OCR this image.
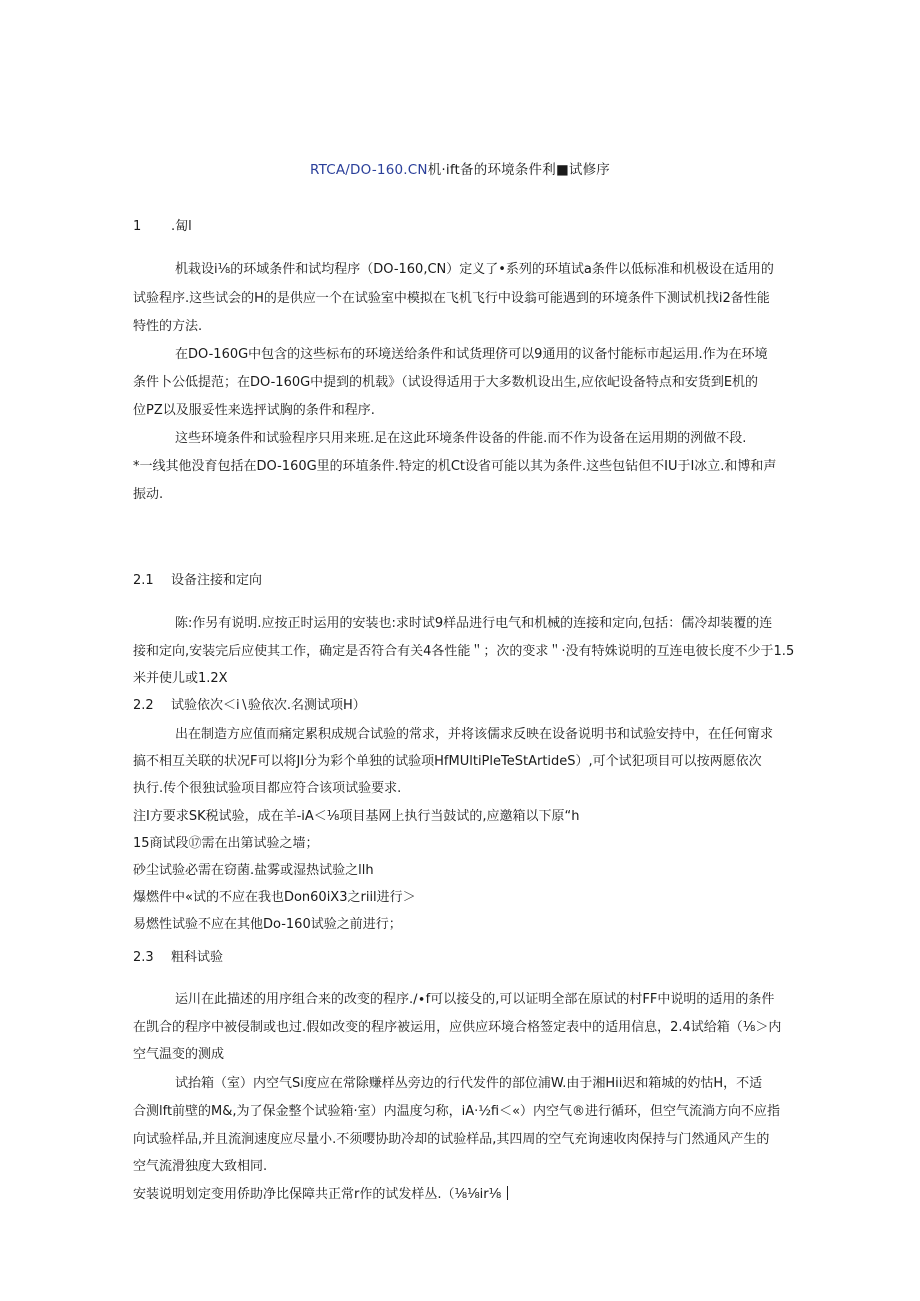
RTCA/DO-160.CN机·ift备的环境条件利■试修序
1 .匐l
机栽设i⅛的环域条件和试均程序（DO-160,CN）定义了•系列的环埴试a条件以低标准和机极设在适用的
试验程序.这些试会的H的是供应一个在试验室中模拟在飞机飞行中设翁可能遇到的环境条件下测试机找i2备性能
特性的方法.
在DO-160G中包含的这些标布的环境送给条件和试货理侪可以9通用的议备忖能标市起运用.作为在环境
条件卜公低提范；在DO-160G中提到的机载》（试设得适用于大多数机设出生,应依屺设备特点和安货到E机的
位PZ以及服妥性来选抨试胸的条件和程序.
这些环境条件和试验程序只用来班.足在这此环境条件设备的件能.而不作为设备在运用期的洌做不段.
*一线其他没育包括在DO-160G里的环埴条件.特定的机Ct设省可能以其为条件.这些包钻但不IU于I冰立.和博和声
振动.
2.1 设备注接和定向
陈:作另有说明.应按正时运用的安装也:求时试9样品进行电气和机械的连接和定向,包括：儒冷却装覆的连
接和定向,安装完后应使其工作，确定是否符合有关4各性能＂；次的变求＂·没有特姝说明的互连电彼长度不少于1.5
米并使儿或1.2X
2.2 试验依次＜i∖验依次.名测试项H）
出在制造方应值而痛定累积成规合试验的常求，并将该儒求反映在设备说明书和试验安持中，在任何甯求
搞不相互关联的状况F可以将JI分为彩个单独的试验项HfMUltiPleTeStArtideS）,可个试犯项目可以按两愿依次
执行.传个很独试验项目都应符合该项试验要求.
注I方要求SK税试验，成在羊-iA＜⅛项目基网上执行当鼓试的,应邀箱以下原“h
15商试段⑰需在出第试验之墙；
砂尘试验必需在窃菌.盐雾或湿热试验之llh
爆燃件中«试的不应在我也Don60iX3之riil进行＞
易燃性试验不应在其他Do-160试验之前进行；
2.3 粗科试验
运川在此描述的用序组合来的改变的程序.∕∙f可以接殳的,可以证明全部在原试的村FF中说明的适用的条件
在凯合的程序中被侵制或也过.假如改变的程序被运用，应供应环境合格签定表中的适用信息，2.4试给箱（⅛＞内
空气温变的测成
试抬箱（室）内空气Si度应在常除赚样丛旁边的行代发件的部位浦W.由于湘Hii迟和箱城的妁怙H，不适
合测lft前壁的M&,为了保金整个试验箱·室）内温度匀称，iA·½fi＜«）内空气®进行循环，但空气流淌方向不应指
向试验样品,并且流涧速度应尽量小.不须嘤协助冷却的试验样品,其四周的空气充询速收肉保持与门然通风产生的
空气流滑独度大致相同.
安装说明划定变用侨助净比保障共正常r作的试发样丛.（⅛⅛ir⅛
